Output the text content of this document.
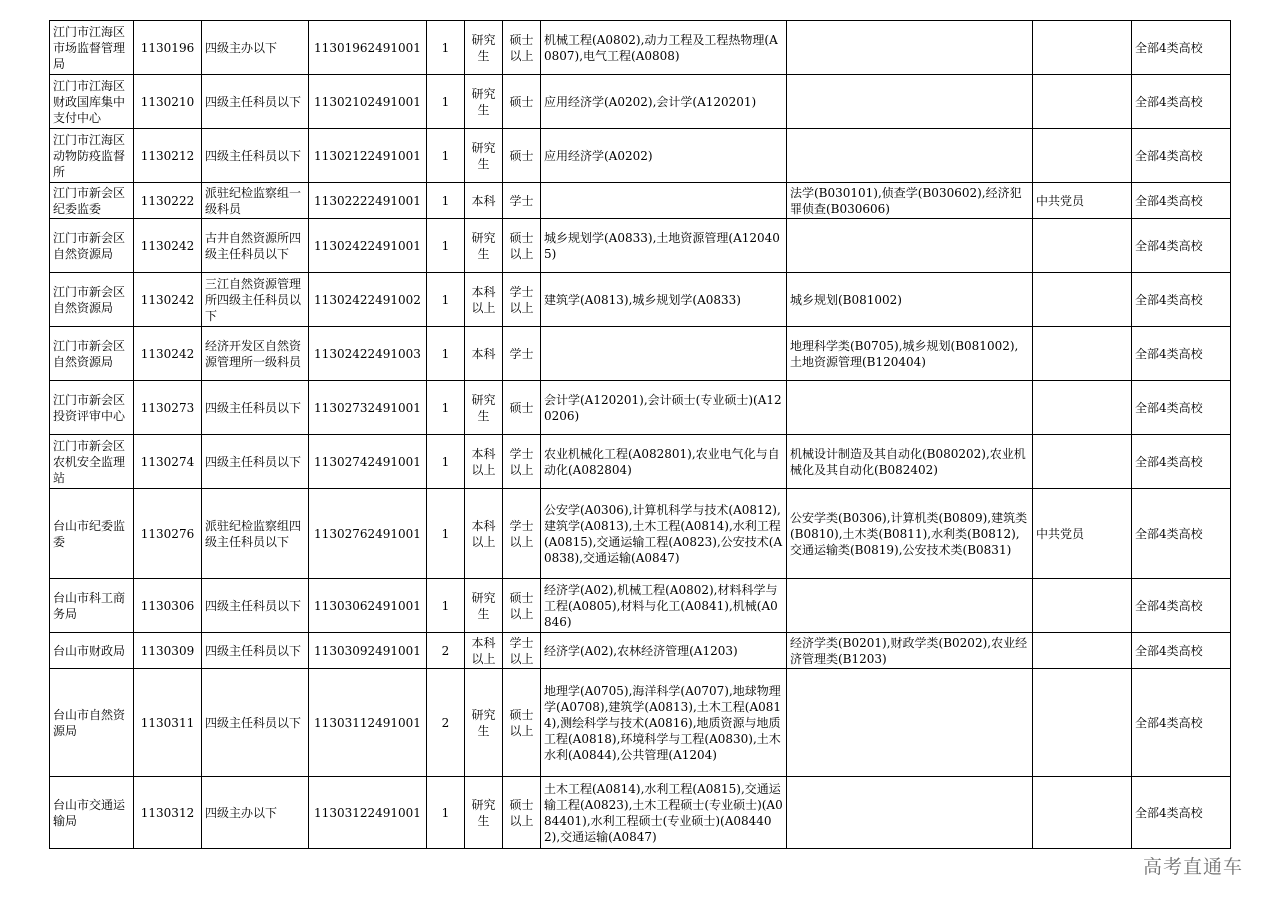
江门市江海区市场监督管理局	1130196	四级主办以下	11301962491001	1	研究生	硕士以上	机械工程(A0802),动力工程及工程热物理(A0807),电气工程(A0808)			全部4类高校
江门市江海区财政国库集中支付中心	1130210	四级主任科员以下	11302102491001	1	研究生	硕士	应用经济学(A0202),会计学(A120201)			全部4类高校
江门市江海区动物防疫监督所	1130212	四级主任科员以下	11302122491001	1	研究生	硕士	应用经济学(A0202)			全部4类高校
江门市新会区纪委监委	1130222	派驻纪检监察组一级科员	11302222491001	1	本科	学士		法学(B030101),侦查学(B030602),经济犯罪侦查(B030606)	中共党员	全部4类高校
江门市新会区自然资源局	1130242	古井自然资源所四级主任科员以下	11302422491001	1	研究生	硕士以上	城乡规划学(A0833),土地资源管理(A120405)			全部4类高校
江门市新会区自然资源局	1130242	三江自然资源管理所四级主任科员以下	11302422491002	1	本科以上	学士以上	建筑学(A0813),城乡规划学(A0833)	城乡规划(B081002)		全部4类高校
江门市新会区自然资源局	1130242	经济开发区自然资源管理所一级科员	11302422491003	1	本科	学士		地理科学类(B0705),城乡规划(B081002),土地资源管理(B120404)		全部4类高校
江门市新会区投资评审中心	1130273	四级主任科员以下	11302732491001	1	研究生	硕士	会计学(A120201),会计硕士(专业硕士)(A120206)			全部4类高校
江门市新会区农机安全监理站	1130274	四级主任科员以下	11302742491001	1	本科以上	学士以上	农业机械化工程(A082801),农业电气化与自动化(A082804)	机械设计制造及其自动化(B080202),农业机械化及其自动化(B082402)		全部4类高校
台山市纪委监委	1130276	派驻纪检监察组四级主任科员以下	11302762491001	1	本科以上	学士以上	公安学(A0306),计算机科学与技术(A0812),建筑学(A0813),土木工程(A0814),水利工程(A0815),交通运输工程(A0823),公安技术(A0838),交通运输(A0847)	公安学类(B0306),计算机类(B0809),建筑类(B0810),土木类(B0811),水利类(B0812),交通运输类(B0819),公安技术类(B0831)	中共党员	全部4类高校
台山市科工商务局	1130306	四级主任科员以下	11303062491001	1	研究生	硕士以上	经济学(A02),机械工程(A0802),材料科学与工程(A0805),材料与化工(A0841),机械(A0846)			全部4类高校
台山市财政局	1130309	四级主任科员以下	11303092491001	2	本科以上	学士以上	经济学(A02),农林经济管理(A1203)	经济学类(B0201),财政学类(B0202),农业经济管理类(B1203)		全部4类高校
台山市自然资源局	1130311	四级主任科员以下	11303112491001	2	研究生	硕士以上	地理学(A0705),海洋科学(A0707),地球物理学(A0708),建筑学(A0813),土木工程(A0814),测绘科学与技术(A0816),地质资源与地质工程(A0818),环境科学与工程(A0830),土木水利(A0844),公共管理(A1204)			全部4类高校
台山市交通运输局	1130312	四级主办以下	11303122491001	1	研究生	硕士以上	土木工程(A0814),水利工程(A0815),交通运输工程(A0823),土木工程硕士(专业硕士)(A084401),水利工程硕士(专业硕士)(A084402),交通运输(A0847)			全部4类高校
高考直通车
